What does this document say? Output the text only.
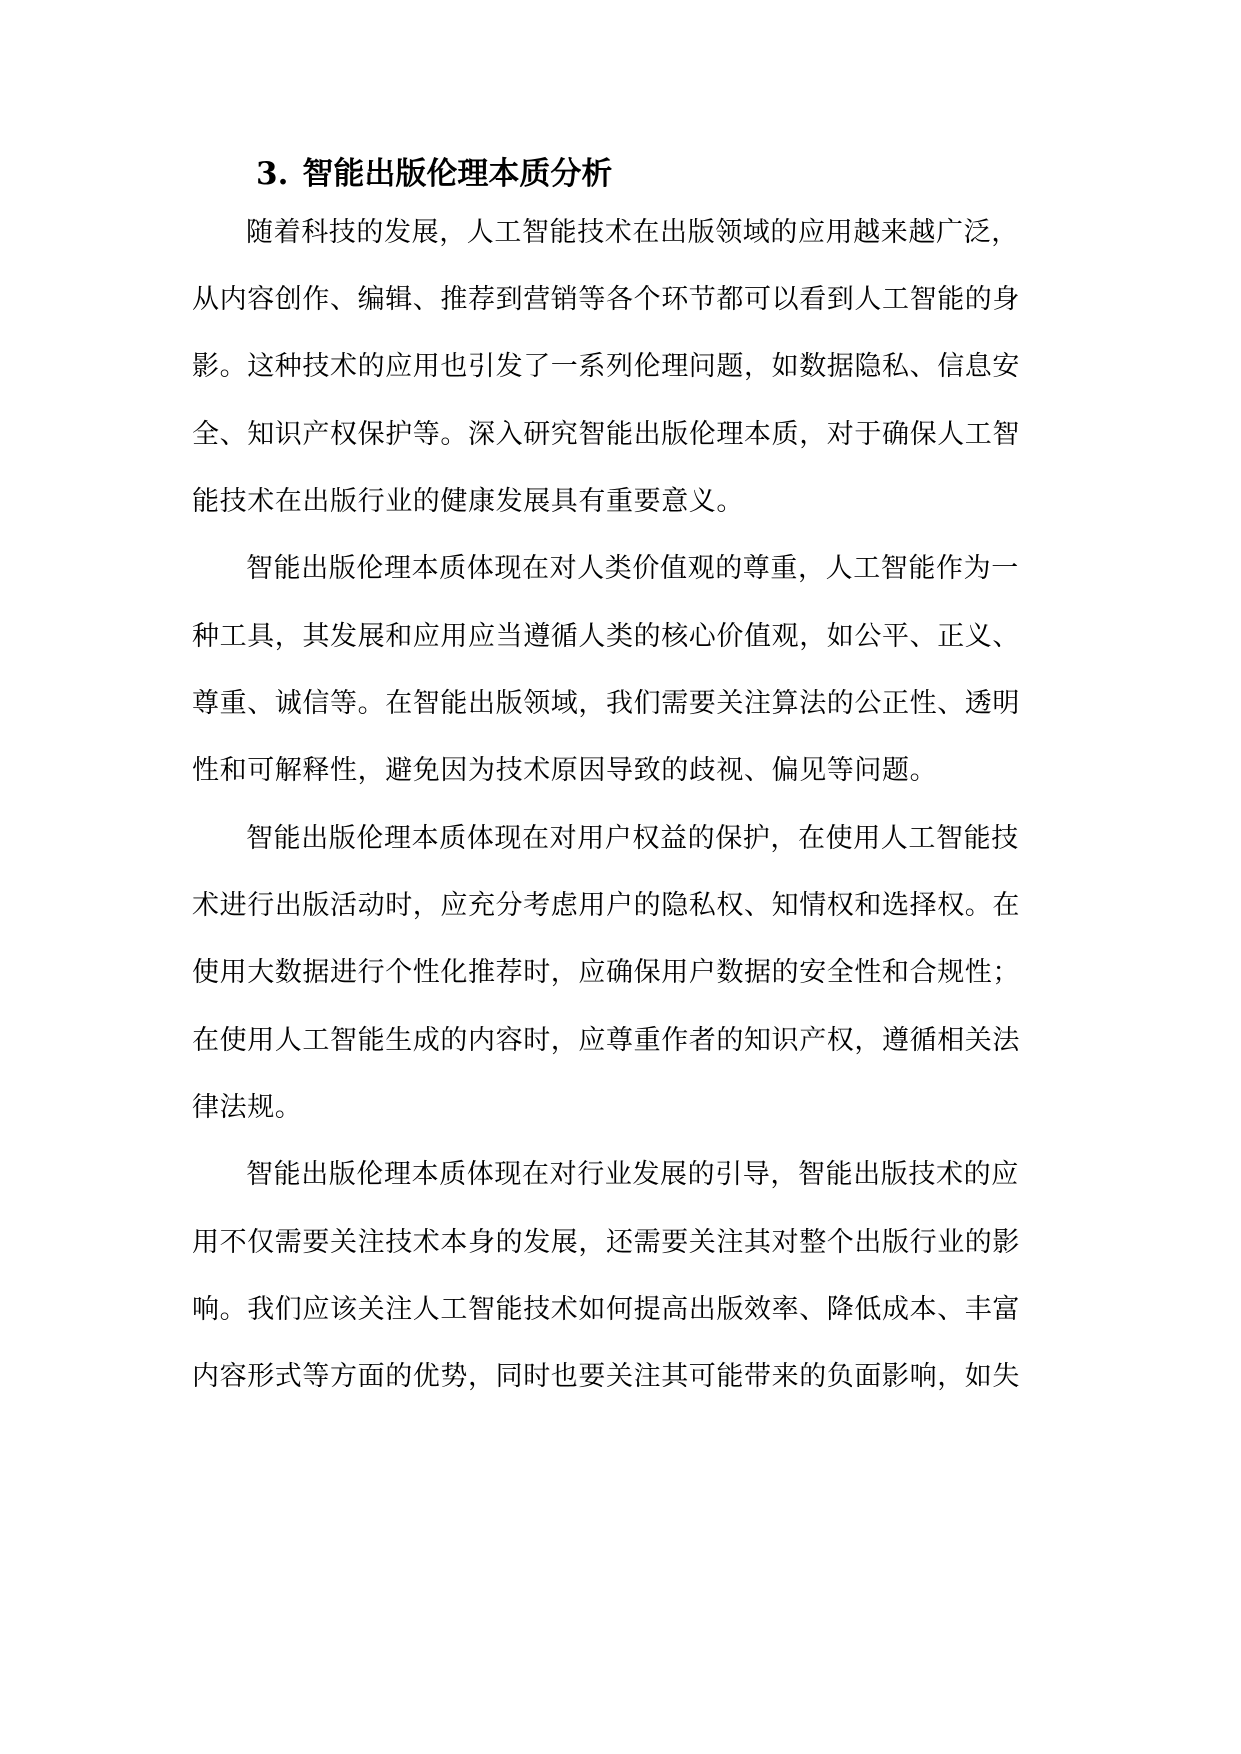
3. 智能出版伦理本质分析

随着科技的发展，人工智能技术在出版领域的应用越来越广泛，

从内容创作、编辑、推荐到营销等各个环节都可以看到人工智能的身

影。这种技术的应用也引发了一系列伦理问题，如数据隐私、信息安

全、知识产权保护等。深入研究智能出版伦理本质，对于确保人工智

能技术在出版行业的健康发展具有重要意义。

智能出版伦理本质体现在对人类价值观的尊重，人工智能作为一

种工具，其发展和应用应当遵循人类的核心价值观，如公平、正义、

尊重、诚信等。在智能出版领域，我们需要关注算法的公正性、透明

性和可解释性，避免因为技术原因导致的歧视、偏见等问题。

智能出版伦理本质体现在对用户权益的保护，在使用人工智能技

术进行出版活动时，应充分考虑用户的隐私权、知情权和选择权。在

使用大数据进行个性化推荐时，应确保用户数据的安全性和合规性；

在使用人工智能生成的内容时，应尊重作者的知识产权，遵循相关法

律法规。

智能出版伦理本质体现在对行业发展的引导，智能出版技术的应

用不仅需要关注技术本身的发展，还需要关注其对整个出版行业的影

响。我们应该关注人工智能技术如何提高出版效率、降低成本、丰富

内容形式等方面的优势，同时也要关注其可能带来的负面影响，如失
